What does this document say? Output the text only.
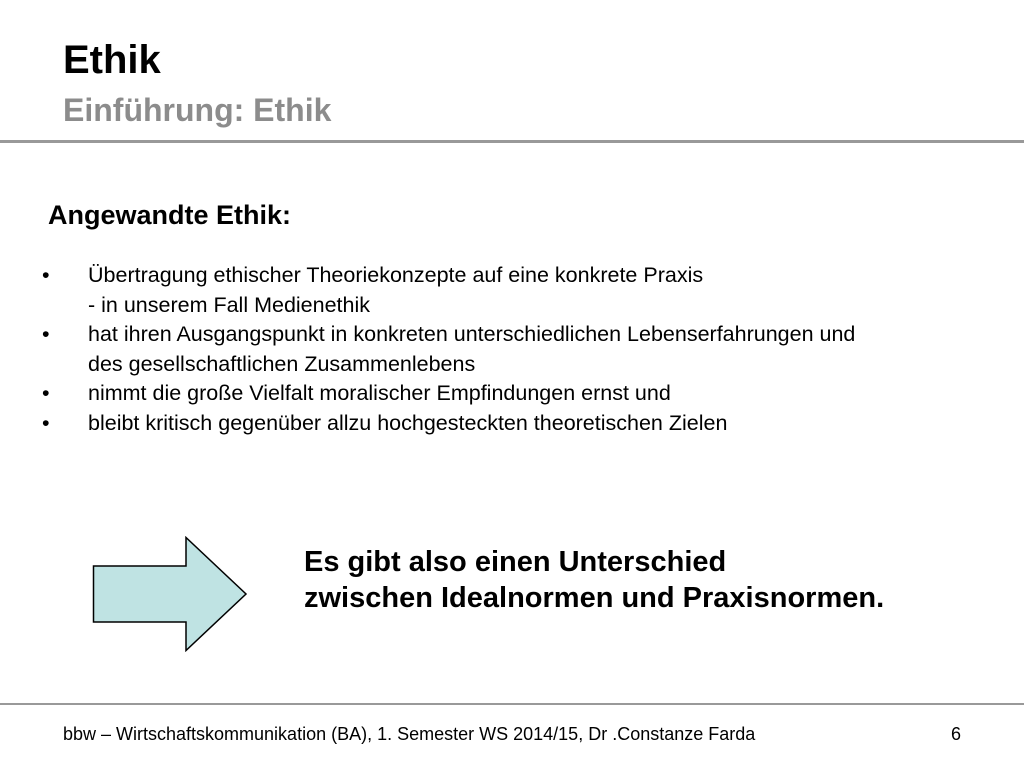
Ethik
Einführung: Ethik
Angewandte Ethik:
•	Übertragung ethischer Theoriekonzepte auf eine konkrete Praxis
- in unserem Fall Medienethik
•	hat ihren Ausgangspunkt in konkreten unterschiedlichen Lebenserfahrungen und
des gesellschaftlichen Zusammenlebens
•	nimmt die große Vielfalt moralischer Empfindungen ernst und
•	bleibt kritisch gegenüber allzu hochgesteckten theoretischen Zielen
Es gibt also einen Unterschied
zwischen Idealnormen und Praxisnormen.
bbw – Wirtschaftskommunikation (BA), 1. Semester WS 2014/15, Dr .Constanze Farda	6
